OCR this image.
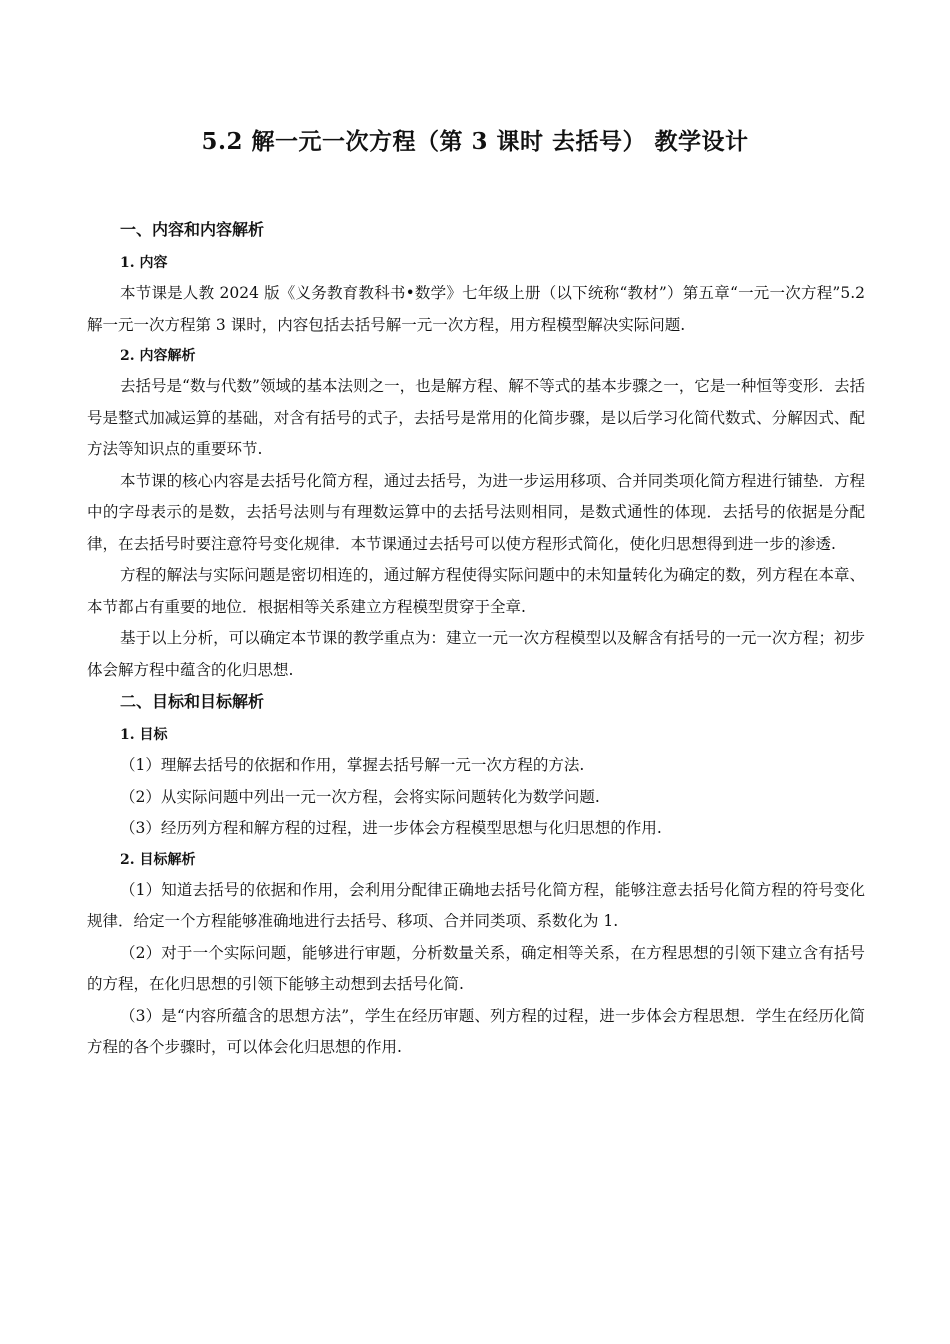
5.2 解一元一次方程（第 3 课时 去括号） 教学设计
一、内容和内容解析
1. 内容

本节课是人教 2024 版《义务教育教科书•数学》七年级上册（以下统称“教材”）第五章“一元一次方程”5.2 解一元一次方程第 3 课时，内容包括去括号解一元一次方程，用方程模型解决实际问题.

2. 内容解析

去括号是“数与代数”领域的基本法则之一，也是解方程、解不等式的基本步骤之一，它是一种恒等变形．去括号是整式加减运算的基础，对含有括号的式子，去括号是常用的化简步骤，是以后学习化简代数式、分解因式、配方法等知识点的重要环节.

本节课的核心内容是去括号化简方程，通过去括号，为进一步运用移项、合并同类项化简方程进行铺垫．方程中的字母表示的是数，去括号法则与有理数运算中的去括号法则相同，是数式通性的体现．去括号的依据是分配律，在去括号时要注意符号变化规律．本节课通过去括号可以使方程形式简化，使化归思想得到进一步的渗透.

方程的解法与实际问题是密切相连的，通过解方程使得实际问题中的未知量转化为确定的数，列方程在本章、本节都占有重要的地位．根据相等关系建立方程模型贯穿于全章.

基于以上分析，可以确定本节课的教学重点为：建立一元一次方程模型以及解含有括号的一元一次方程；初步体会解方程中蕴含的化归思想.

二、目标和目标解析
1. 目标

（1）理解去括号的依据和作用，掌握去括号解一元一次方程的方法.

（2）从实际问题中列出一元一次方程，会将实际问题转化为数学问题.

（3）经历列方程和解方程的过程，进一步体会方程模型思想与化归思想的作用.

2. 目标解析

（1）知道去括号的依据和作用，会利用分配律正确地去括号化简方程，能够注意去括号化简方程的符号变化规律．给定一个方程能够准确地进行去括号、移项、合并同类项、系数化为 1.

（2）对于一个实际问题，能够进行审题，分析数量关系，确定相等关系，在方程思想的引领下建立含有括号的方程，在化归思想的引领下能够主动想到去括号化简.

（3）是“内容所蕴含的思想方法”，学生在经历审题、列方程的过程，进一步体会方程思想．学生在经历化简方程的各个步骤时，可以体会化归思想的作用.
